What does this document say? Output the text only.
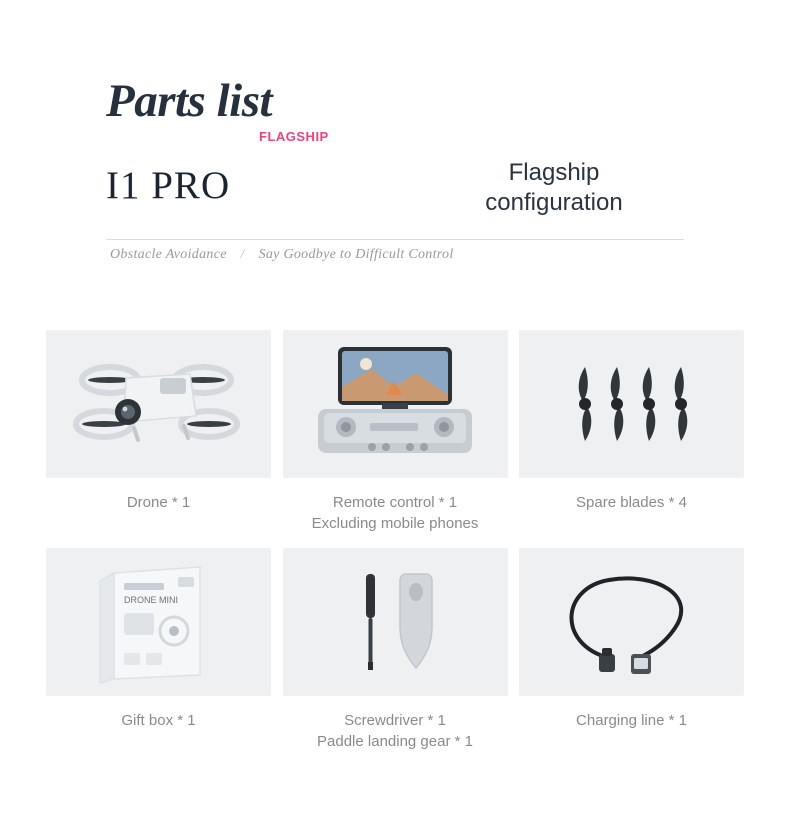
Parts list
FLAGSHIP
I1 PRO	Flagship
configuration
Obstacle Avoidance / Say Goodbye to Difficult Control
Drone * 1	Remote control * 1
Excluding mobile phones
Spare blades * 4
DRONE MINI
Gift box * 1	Screwdriver * 1
Paddle landing gear * 1
Charging line * 1
